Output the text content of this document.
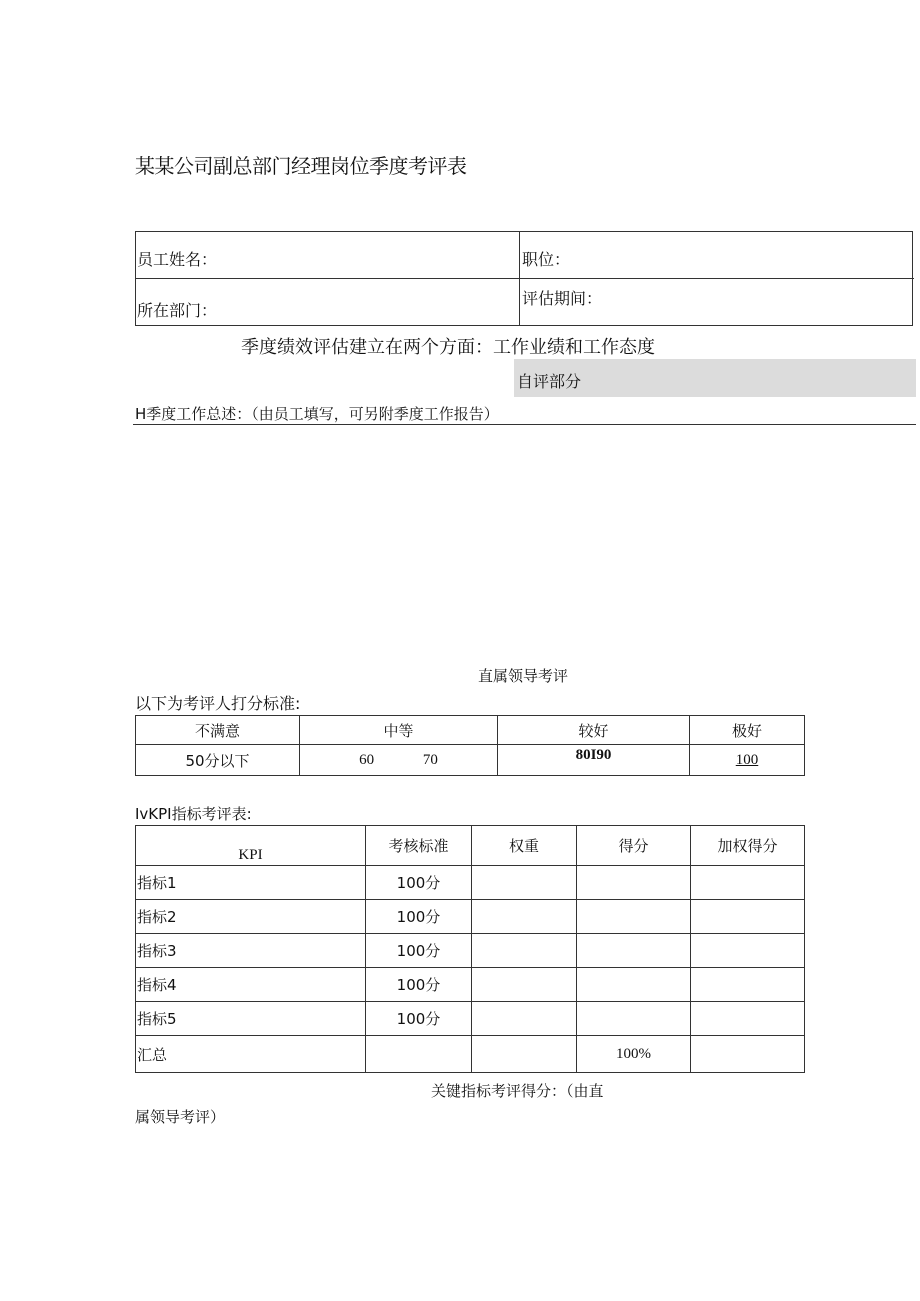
某某公司副总部门经理岗位季度考评表
员工姓名：	职位：
所在部门：
评估期间：
季度绩效评估建立在两个方面：工作业绩和工作态度
自评部分
H季度工作总述：（由员工填写，可另附季度工作报告）
直属领导考评
以下为考评人打分标准:
不满意	中等	较好	极好
50分以下	60 70	80I90	100
IvKPI指标考评表:
KPI	考核标准	权重	得分	加权得分
指标1	100分			
指标2	100分			
指标3	100分			
指标4	100分			
指标5	100分			
汇总			100%	
关键指标考评得分：（由直
属领导考评）
